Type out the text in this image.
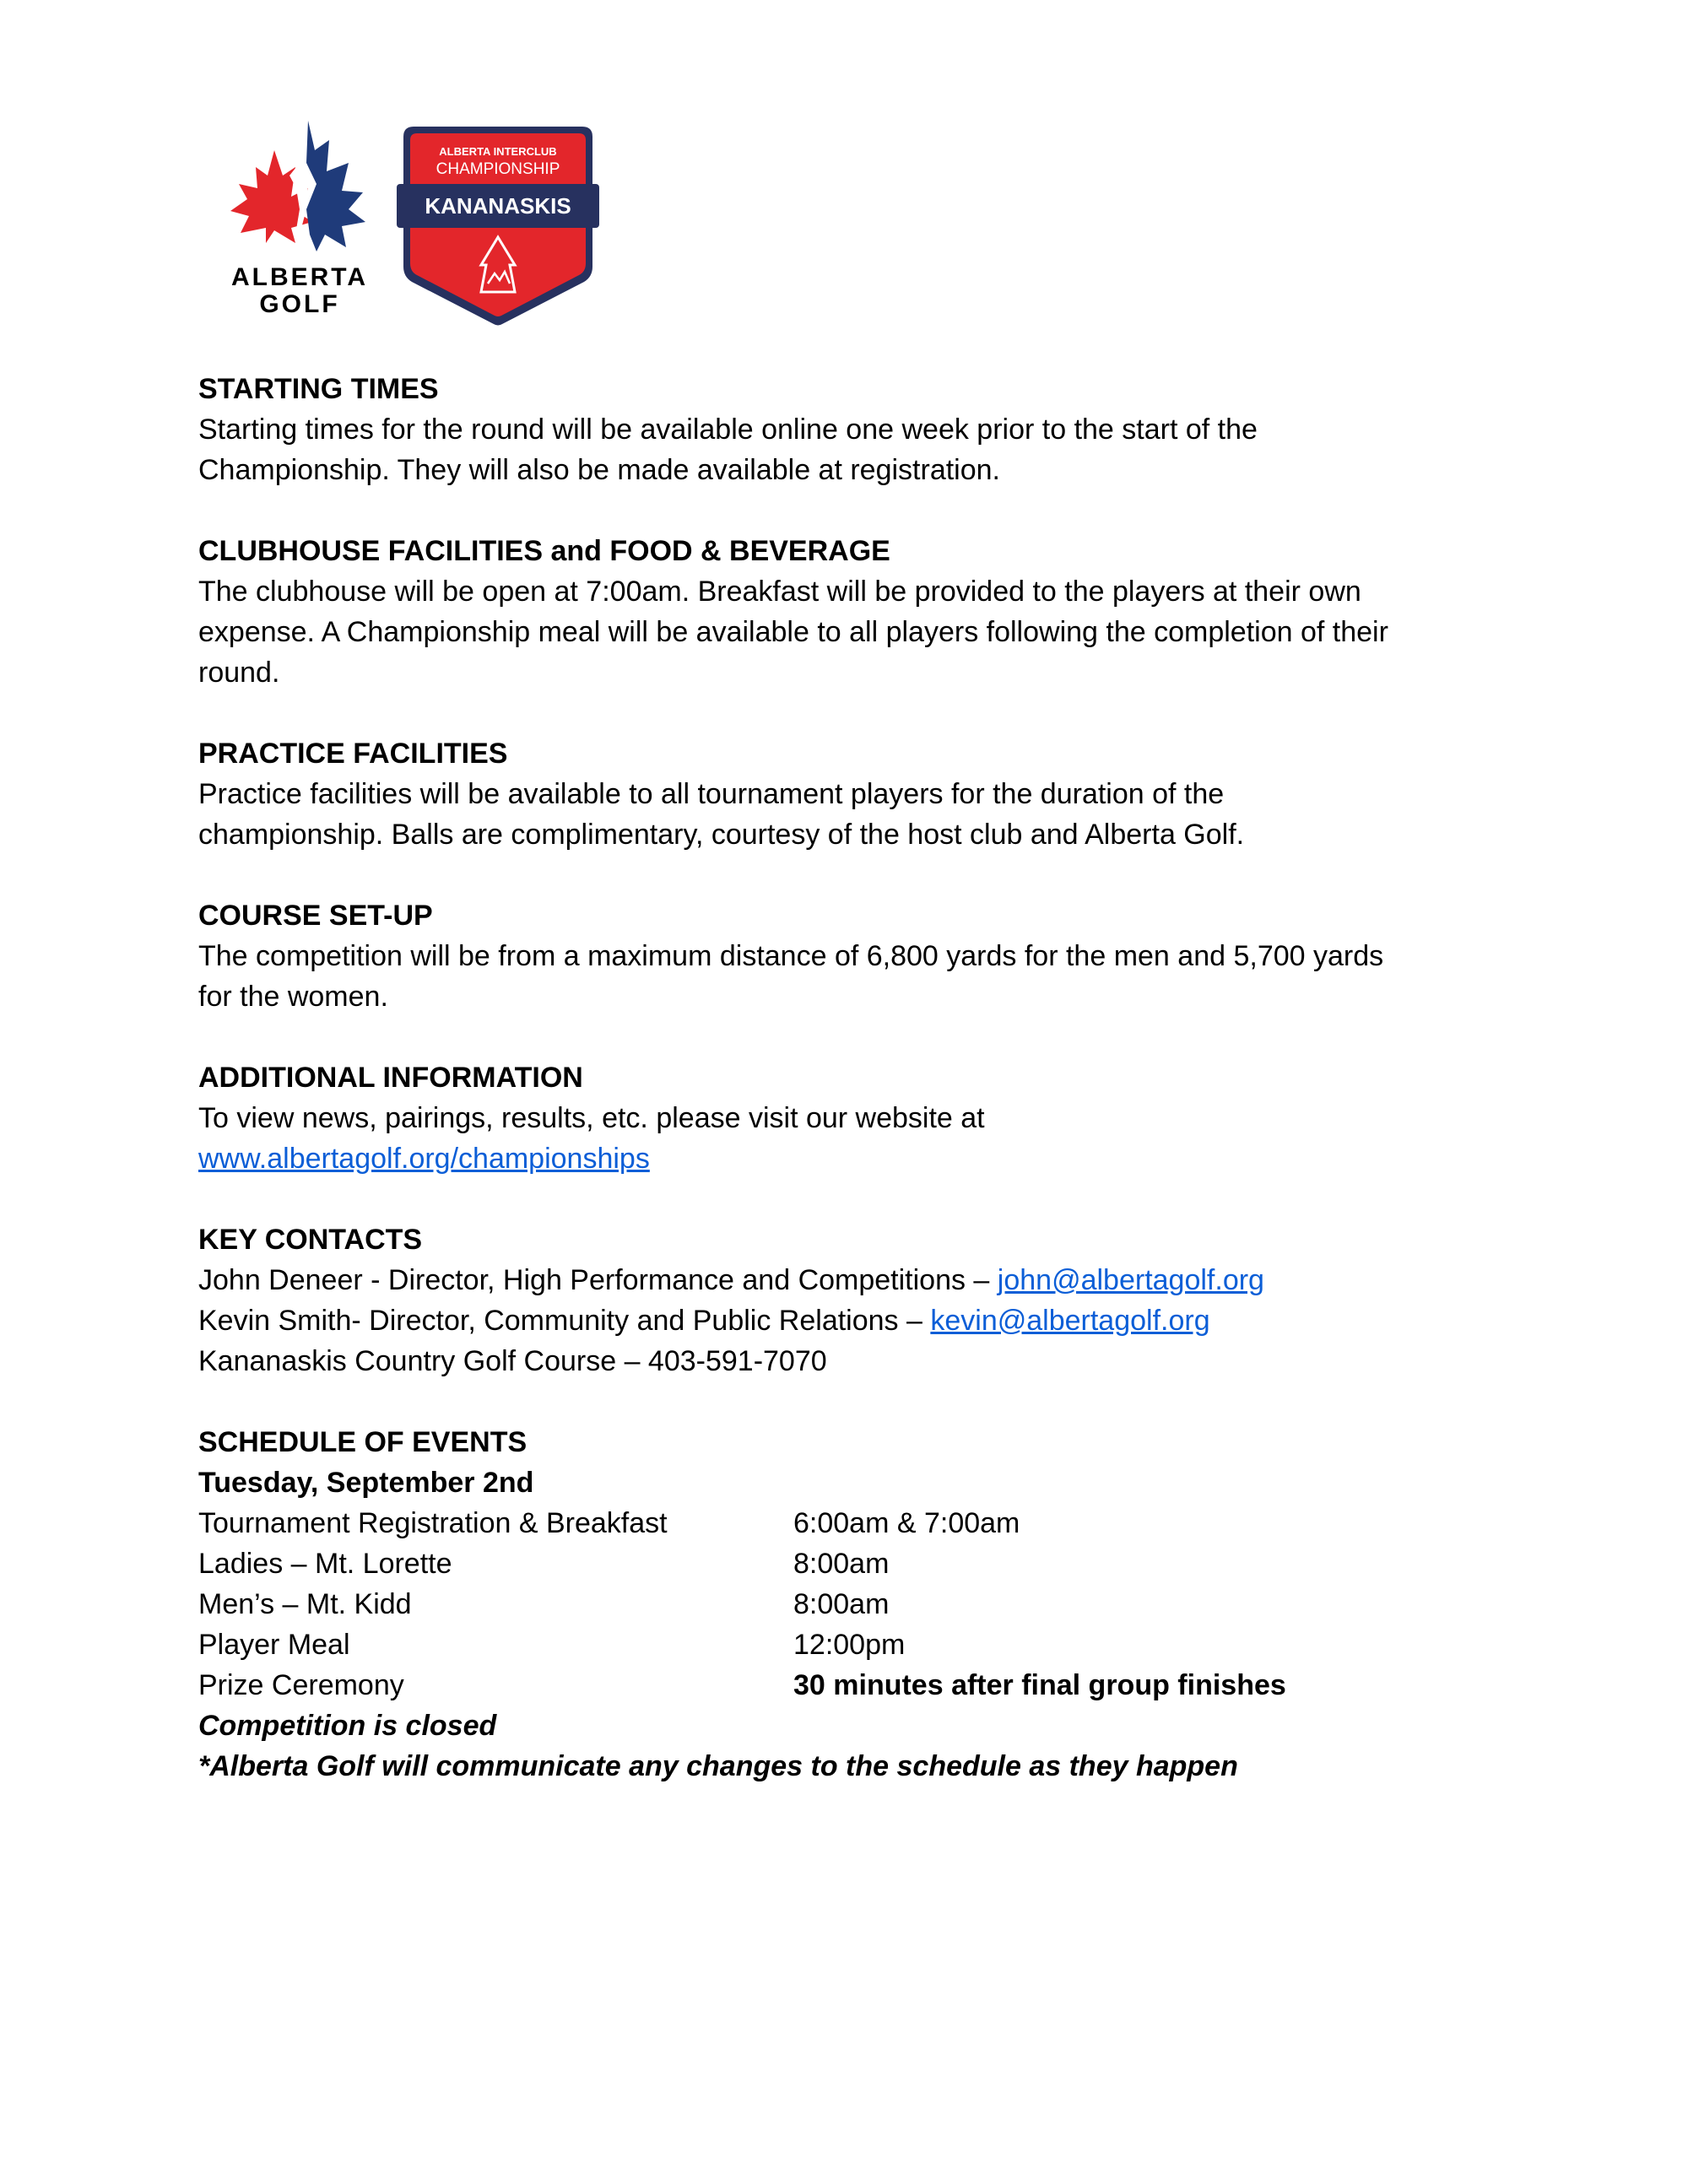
ALBERTA
GOLF
ALBERTA INTERCLUB
CHAMPIONSHIP
KANANASKIS
STARTING TIMES
Starting times for the round will be available online one week prior to the start of the
Championship. They will also be made available at registration.
CLUBHOUSE FACILITIES and FOOD & BEVERAGE
The clubhouse will be open at 7:00am. Breakfast will be provided to the players at their own
expense. A Championship meal will be available to all players following the completion of their
round.
PRACTICE FACILITIES
Practice facilities will be available to all tournament players for the duration of the
championship. Balls are complimentary, courtesy of the host club and Alberta Golf.
COURSE SET-UP
The competition will be from a maximum distance of 6,800 yards for the men and 5,700 yards
for the women.
ADDITIONAL INFORMATION
To view news, pairings, results, etc. please visit our website at
www.albertagolf.org/championships
KEY CONTACTS
John Deneer - Director, High Performance and Competitions – john@albertagolf.org
Kevin Smith- Director, Community and Public Relations – kevin@albertagolf.org
Kananaskis Country Golf Course – 403-591-7070
SCHEDULE OF EVENTS
Tuesday, September 2nd
Tournament Registration & Breakfast	6:00am & 7:00am
Ladies – Mt. Lorette	8:00am
Men’s – Mt. Kidd	8:00am
Player Meal	12:00pm
Prize Ceremony	30 minutes after final group finishes
Competition is closed
*Alberta Golf will communicate any changes to the schedule as they happen
